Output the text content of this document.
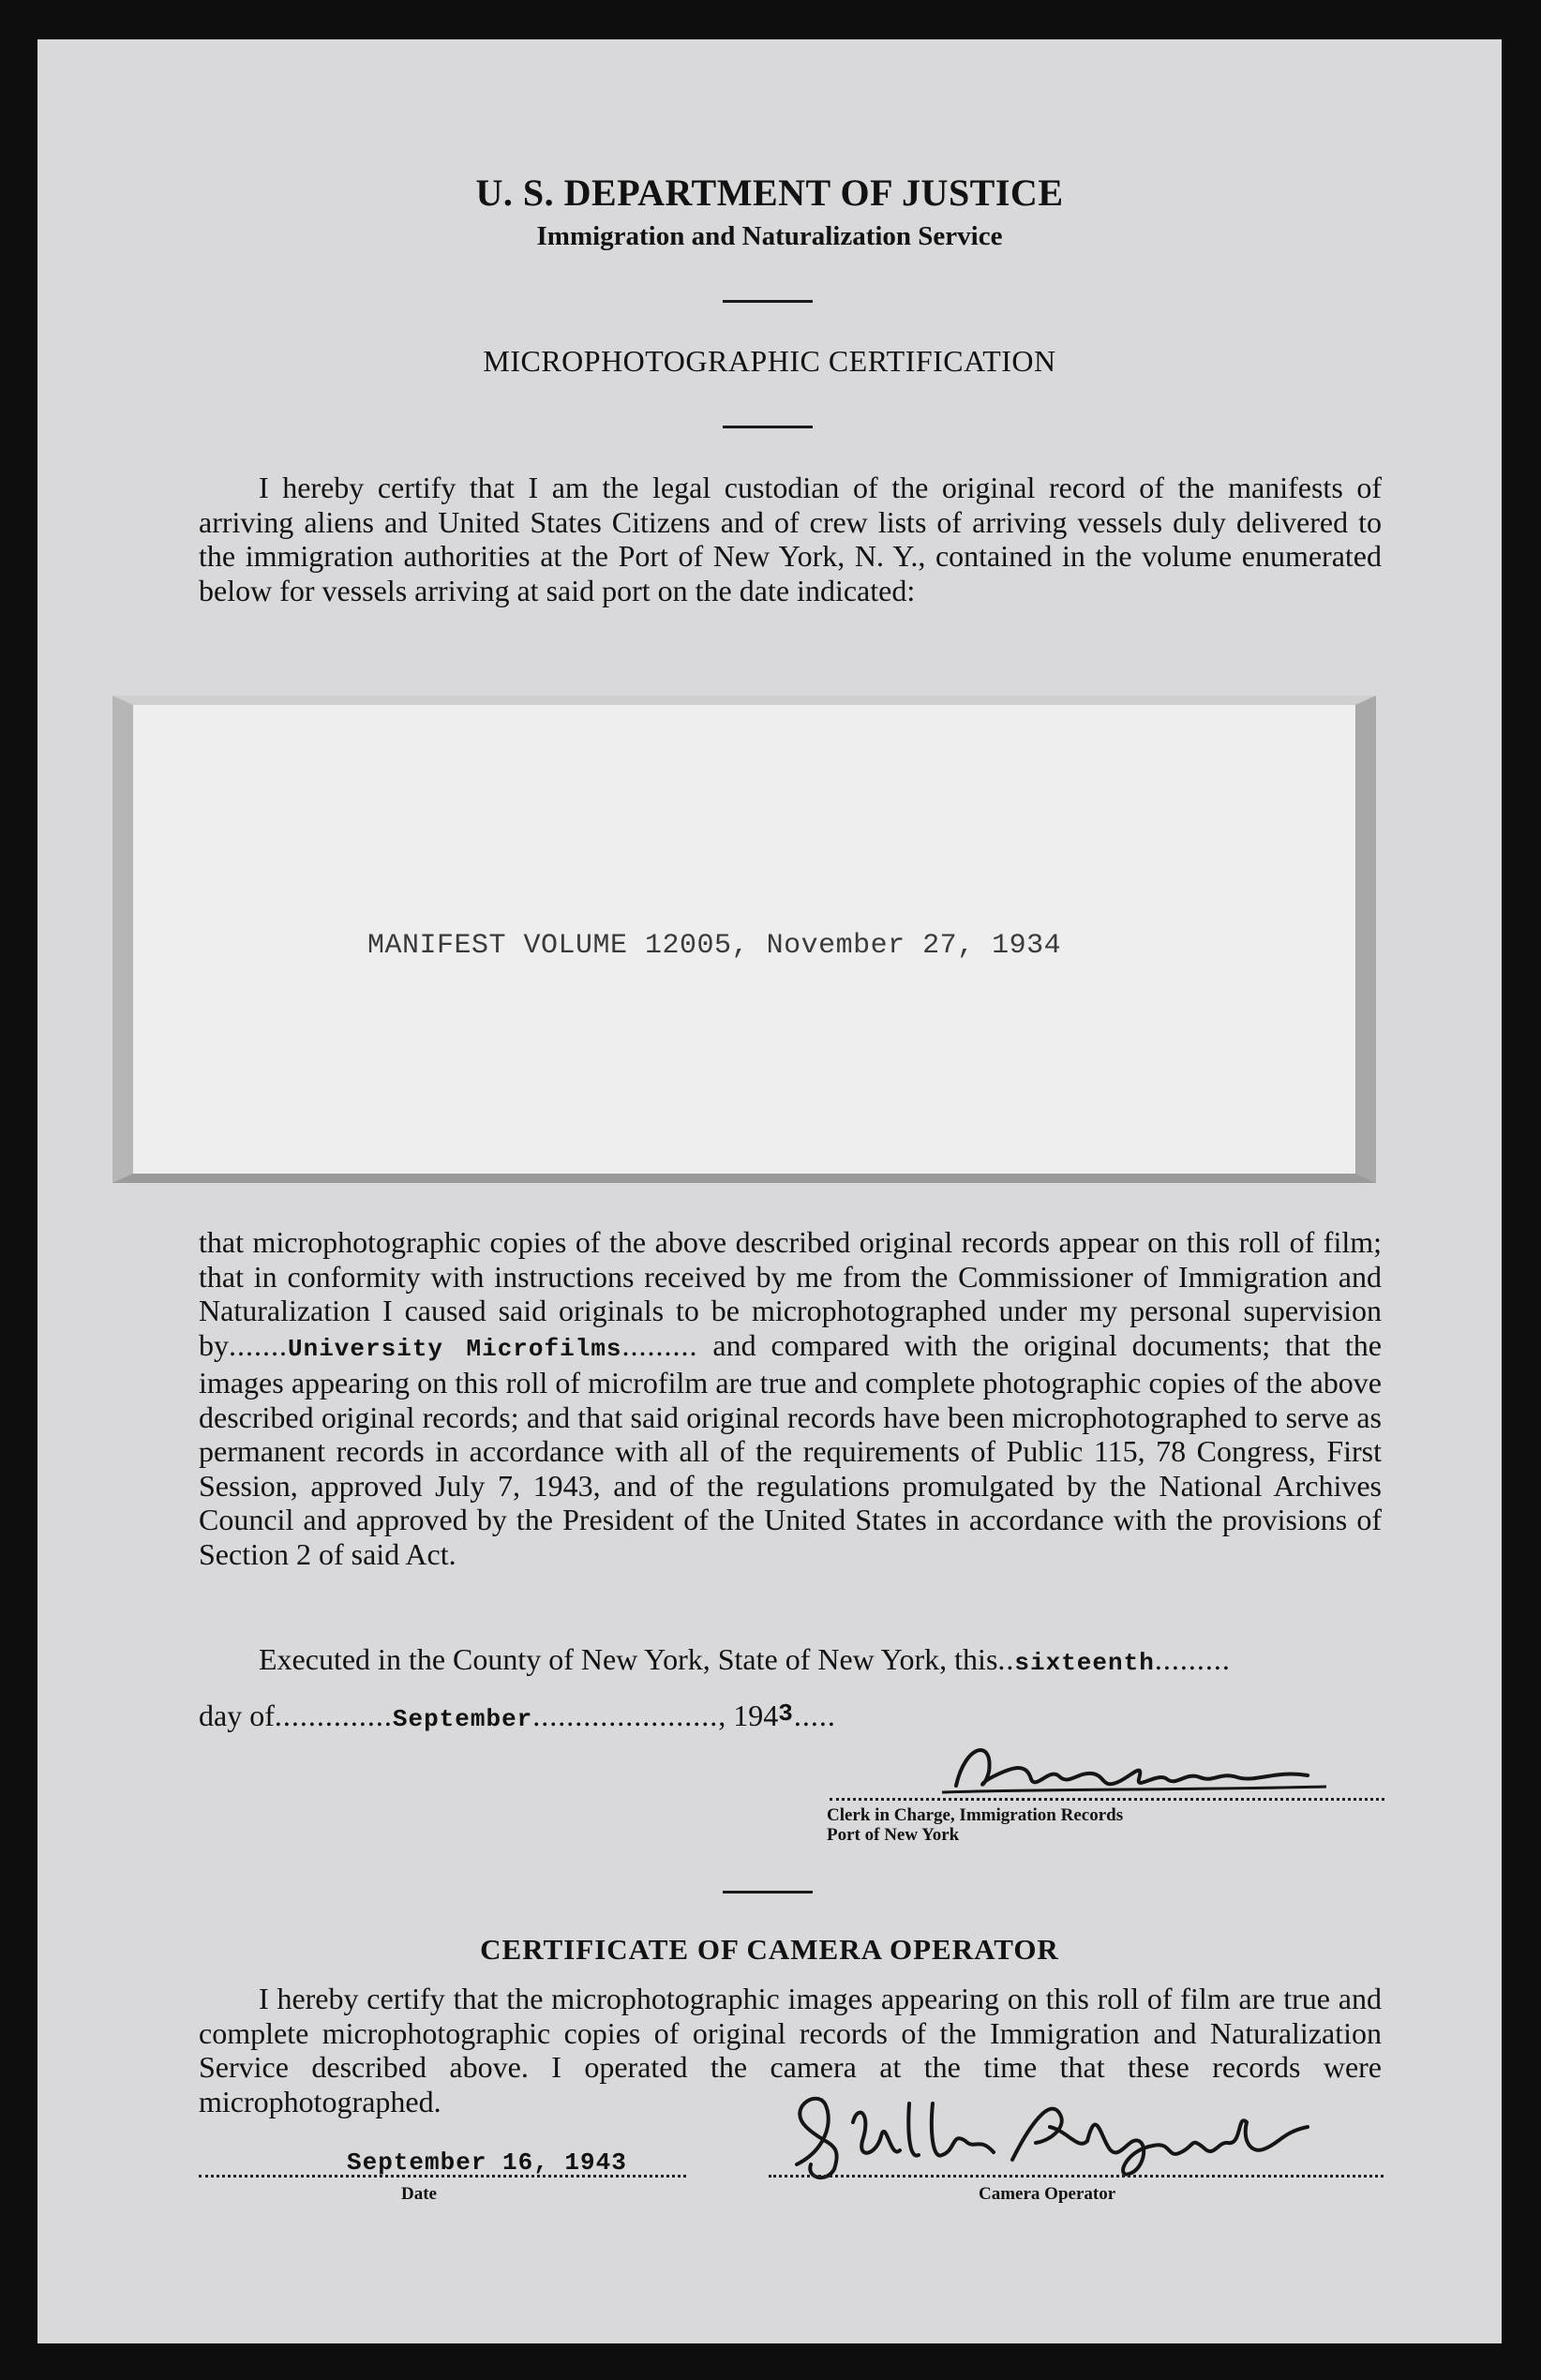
U. S. DEPARTMENT OF JUSTICE
Immigration and Naturalization Service
MICROPHOTOGRAPHIC CERTIFICATION

I hereby certify that I am the legal custodian of the original record of the manifests of arriving aliens and United States Citizens and of crew lists of arriving vessels duly delivered to the immigration authorities at the Port of New York, N. Y., contained in the volume enumerated below for vessels arriving at said port on the date indicated:

MANIFEST VOLUME 12005, November 27, 1934

that microphotographic copies of the above described original records appear on this roll of film; that in conformity with instructions received by me from the Commissioner of Immigration and Naturalization I caused said originals to be microphotographed under my personal supervision by.......University Microfilms......... and compared with the original documents; that the images appearing on this roll of microfilm are true and complete photographic copies of the above described original records; and that said original records have been microphotographed to serve as permanent records in accordance with all of the requirements of Public 115, 78 Congress, First Session, approved July 7, 1943, and of the regulations promulgated by the National Archives Council and approved by the President of the United States in accordance with the provisions of Section 2 of said Act.

Executed in the County of New York, State of New York, this..sixteenth.........
day of..............September......................, 1943.....
Clerk in Charge, Immigration Records
Port of New York
CERTIFICATE OF CAMERA OPERATOR

I hereby certify that the microphotographic images appearing on this roll of film are true and complete microphotographic copies of original records of the Immigration and Naturalization Service described above. I operated the camera at the time that these records were microphotographed.

September 16, 1943
Date	Camera Operator
